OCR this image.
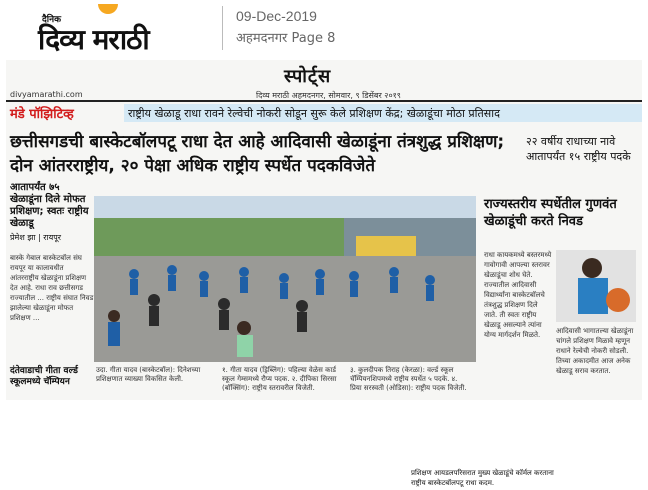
दैनिक
दिव्य मराठी
09-Dec-2019
अहमदनगर Page 8
स्पोर्ट्स
divyamarathi.com	दिव्य मराठी अहमदनगर, सोमवार, ९ डिसेंबर २०१९
मंडे पॉझिटिव्ह	राष्ट्रीय खेळाडू राधा रावने रेल्वेची नोकरी सोडून सुरू केले प्रशिक्षण केंद्र; खेळाडूंचा मोठा प्रतिसाद
छत्तीसगडची बास्केटबॉलपटू राधा देत आहे आदिवासी खेळाडूंना तंत्रशुद्ध प्रशिक्षण; दोन आंतरराष्ट्रीय, २० पेक्षा अधिक राष्ट्रीय स्पर्धेत पदकविजेते
२२ वर्षीय राधाच्या नावे आतापर्यंत १५ राष्ट्रीय पदके
आतापर्यंत ७५ खेळाडूंना दिले मोफत प्रशिक्षण; स्वतः राष्ट्रीय खेळाडू
प्रेमेश झा | रायपूर
बास्के गेबाल बास्केटबॉल संघ रायपूर या कालावधीत आंतरराष्ट्रीय खेळाडूंना प्रशिक्षण देत आहे. राधा राव छत्तीसगड राज्यातील ... राष्ट्रीय संघात निवड झालेल्या खेळाडूंना मोफत प्रशिक्षण ...
दंतेवाडाची गीता वर्ल्ड स्कूलमध्ये चॅम्पियन
प्रशिक्षण आयडलपरिसरात मुख्य खेळाडूंचे कॉर्मल करताना राष्ट्रीय बास्केटबॉलपटू राधा कदम.
उदा. गीता यादव (बास्केटबॉल): दिनेशच्या प्रशिक्षणात व्याख्या विकसित केली.
१. गीता यादव (ड्रिब्लिंग): पहिल्या वेळेस कार्ड स्कूल गेम्समध्ये रौप्य पदक. २. दीपिका सिरसा (बॉक्सिंग): राष्ट्रीय स्तरावरील विजेती.
३. कुलदीपक तिराह (केरळा): वर्ल्ड स्कूल चॅम्पियनशिपमध्ये राष्ट्रीय स्पर्धेत ५ पदके. ४. प्रिया सरस्वती (ओडिसा): राष्ट्रीय पदक विजेती.
राज्यस्तरीय स्पर्धेतील गुणवंत खेळाडूंची करते निवड
राधा कायकमध्ये बस्तरमध्ये गावोगावी आपल्या स्तरावर खेळाडूंचा शोध घेते. राज्यातील आदिवासी विद्यार्थ्यांना बास्केटबॉलचे तंत्रशुद्ध प्रशिक्षण दिले जाते. ती स्वतः राष्ट्रीय खेळाडू असल्याने त्यांना योग्य मार्गदर्शन मिळते.	आदिवासी भागातल्या खेळाडूंना चांगले प्रशिक्षण मिळावे म्हणून राधाने रेल्वेची नोकरी सोडली. तिच्या अकादमीत आज अनेक खेळाडू सराव करतात.
